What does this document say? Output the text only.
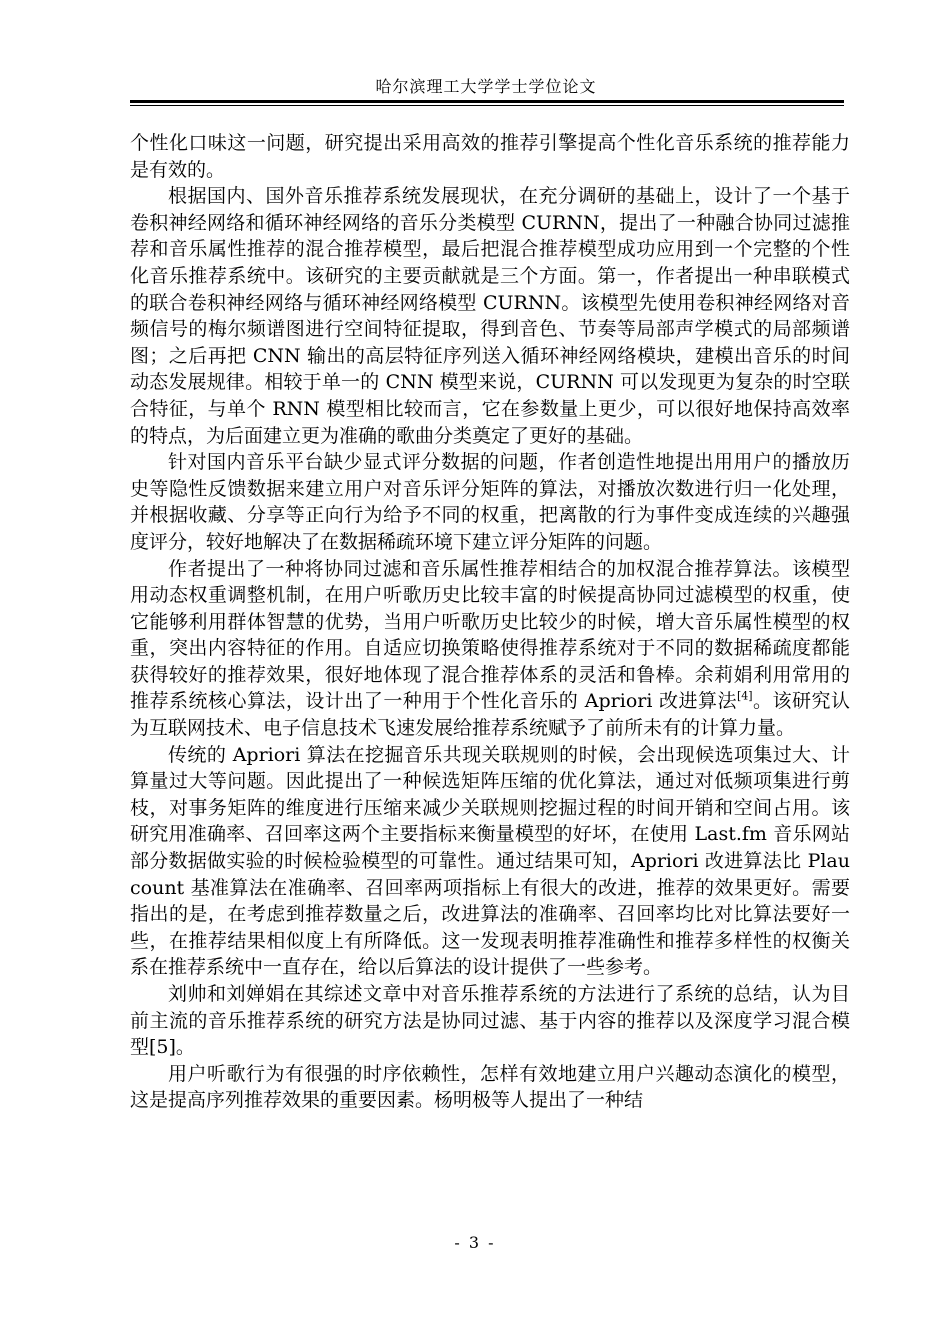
哈尔滨理工大学学士学位论文

个性化口味这一问题，研究提出采用高效的推荐引擎提高个性化音乐系统的推荐能力是有效的。

根据国内、国外音乐推荐系统发展现状，在充分调研的基础上，设计了一个基于卷积神经网络和循环神经网络的音乐分类模型 CURNN，提出了一种融合协同过滤推荐和音乐属性推荐的混合推荐模型，最后把混合推荐模型成功应用到一个完整的个性化音乐推荐系统中。该研究的主要贡献就是三个方面。第一，作者提出一种串联模式的联合卷积神经网络与循环神经网络模型 CURNN。该模型先使用卷积神经网络对音频信号的梅尔频谱图进行空间特征提取，得到音色、节奏等局部声学模式的局部频谱图；之后再把 CNN 输出的高层特征序列送入循环神经网络模块，建模出音乐的时间动态发展规律。相较于单一的 CNN 模型来说，CURNN 可以发现更为复杂的时空联合特征，与单个 RNN 模型相比较而言，它在参数量上更少，可以很好地保持高效率的特点，为后面建立更为准确的歌曲分类奠定了更好的基础。

针对国内音乐平台缺少显式评分数据的问题，作者创造性地提出用用户的播放历史等隐性反馈数据来建立用户对音乐评分矩阵的算法，对播放次数进行归一化处理，并根据收藏、分享等正向行为给予不同的权重，把离散的行为事件变成连续的兴趣强度评分，较好地解决了在数据稀疏环境下建立评分矩阵的问题。

作者提出了一种将协同过滤和音乐属性推荐相结合的加权混合推荐算法。该模型用动态权重调整机制，在用户听歌历史比较丰富的时候提高协同过滤模型的权重，使它能够利用群体智慧的优势，当用户听歌历史比较少的时候，增大音乐属性模型的权重，突出内容特征的作用。自适应切换策略使得推荐系统对于不同的数据稀疏度都能获得较好的推荐效果，很好地体现了混合推荐体系的灵活和鲁棒。余莉娟利用常用的推荐系统核心算法，设计出了一种用于个性化音乐的 Apriori 改进算法[4]。该研究认为互联网技术、电子信息技术飞速发展给推荐系统赋予了前所未有的计算力量。

传统的 Apriori 算法在挖掘音乐共现关联规则的时候，会出现候选项集过大、计算量过大等问题。因此提出了一种候选矩阵压缩的优化算法，通过对低频项集进行剪枝，对事务矩阵的维度进行压缩来减少关联规则挖掘过程的时间开销和空间占用。该研究用准确率、召回率这两个主要指标来衡量模型的好坏，在使用 Last.fm 音乐网站部分数据做实验的时候检验模型的可靠性。通过结果可知，Apriori 改进算法比 Plaucount 基准算法在准确率、召回率两项指标上有很大的改进，推荐的效果更好。需要指出的是，在考虑到推荐数量之后，改进算法的准确率、召回率均比对比算法要好一些，在推荐结果相似度上有所降低。这一发现表明推荐准确性和推荐多样性的权衡关系在推荐系统中一直存在，给以后算法的设计提供了一些参考。

刘帅和刘婵娟在其综述文章中对音乐推荐系统的方法进行了系统的总结，认为目前主流的音乐推荐系统的研究方法是协同过滤、基于内容的推荐以及深度学习混合模型[5]。

用户听歌行为有很强的时序依赖性，怎样有效地建立用户兴趣动态演化的模型，这是提高序列推荐效果的重要因素。杨明极等人提出了一种结

- 3 -
